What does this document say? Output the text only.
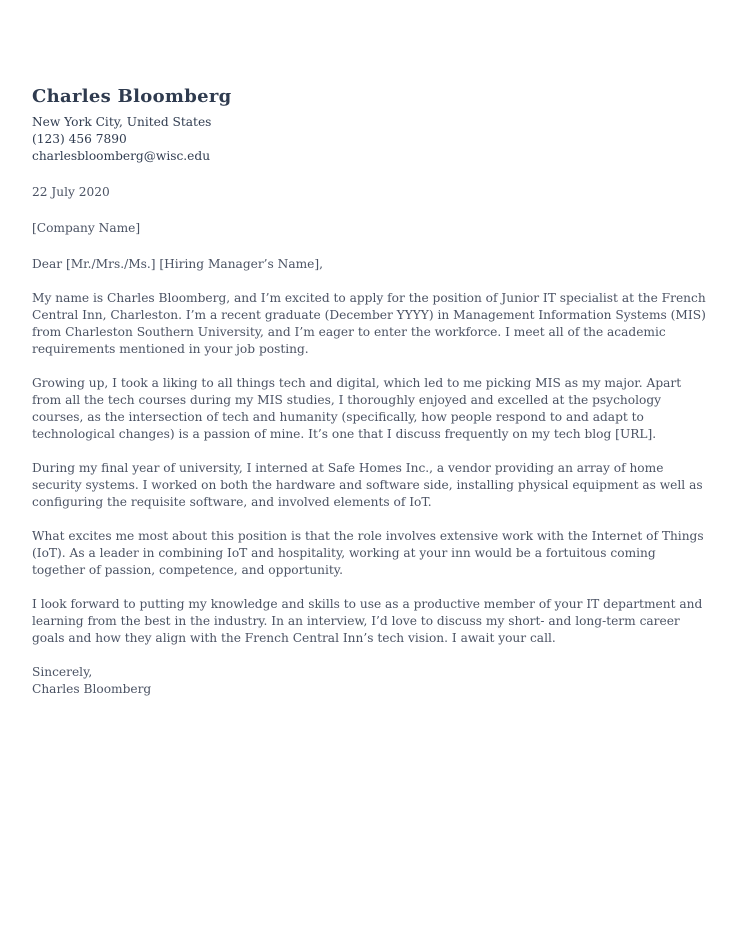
Charles Bloomberg
New York City, United States
(123) 456 7890
charlesbloomberg@wisc.edu
22 July 2020
[Company Name]
Dear [Mr./Mrs./Ms.] [Hiring Manager’s Name],

My name is Charles Bloomberg, and I’m excited to apply for the position of Junior IT specialist at the French Central Inn, Charleston. I’m a recent graduate (December YYYY) in Management Information Systems (MIS) from Charleston Southern University, and I’m eager to enter the workforce. I meet all of the academic requirements mentioned in your job posting.

Growing up, I took a liking to all things tech and digital, which led to me picking MIS as my major. Apart from all the tech courses during my MIS studies, I thoroughly enjoyed and excelled at the psychology courses, as the intersection of tech and humanity (specifically, how people respond to and adapt to technological changes) is a passion of mine. It’s one that I discuss frequently on my tech blog [URL].

During my final year of university, I interned at Safe Homes Inc., a vendor providing an array of home security systems. I worked on both the hardware and software side, installing physical equipment as well as configuring the requisite software, and involved elements of IoT.

What excites me most about this position is that the role involves extensive work with the Internet of Things (IoT). As a leader in combining IoT and hospitality, working at your inn would be a fortuitous coming together of passion, competence, and opportunity.

I look forward to putting my knowledge and skills to use as a productive member of your IT department and learning from the best in the industry. In an interview, I’d love to discuss my short- and long-term career goals and how they align with the French Central Inn’s tech vision. I await your call.

Sincerely,
Charles Bloomberg
